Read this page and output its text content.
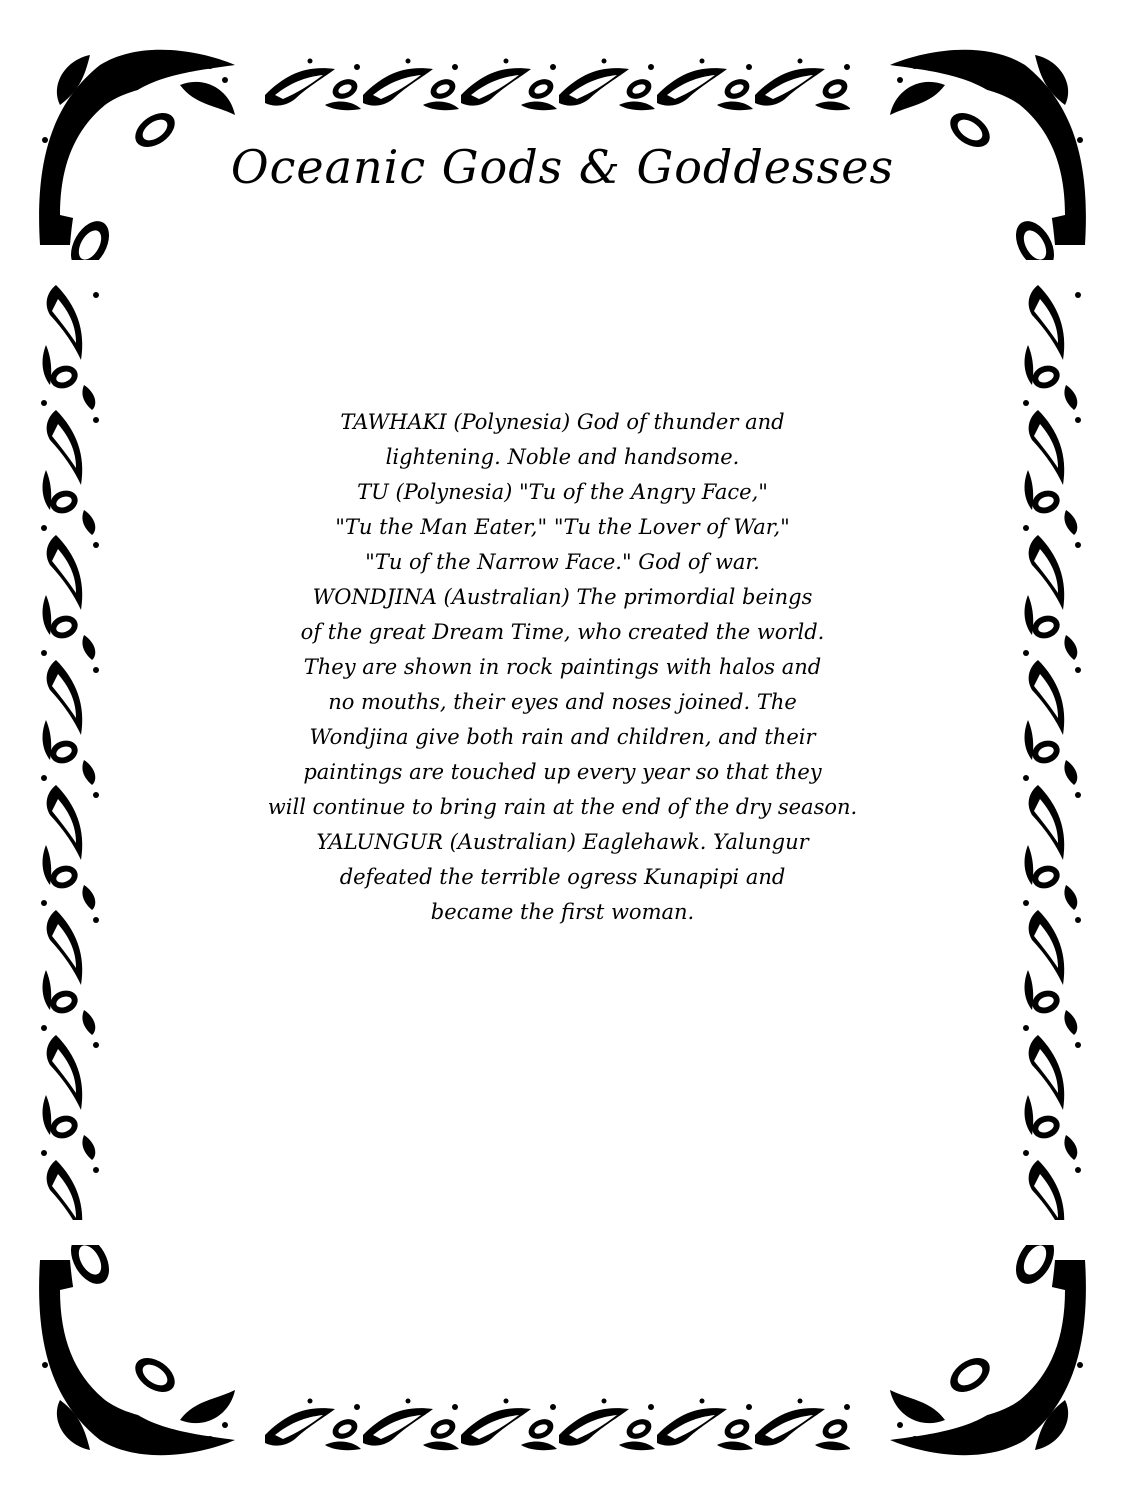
Oceanic Gods & Goddesses
TAWHAKI (Polynesia) God of thunder and
lightening. Noble and handsome.
TU (Polynesia) "Tu of the Angry Face,"
"Tu the Man Eater," "Tu the Lover of War,"
"Tu of the Narrow Face." God of war.
WONDJINA (Australian) The primordial beings
of the great Dream Time, who created the world.
They are shown in rock paintings with halos and
no mouths, their eyes and noses joined. The
Wondjina give both rain and children, and their
paintings are touched up every year so that they
will continue to bring rain at the end of the dry season.
YALUNGUR (Australian) Eaglehawk. Yalungur
defeated the terrible ogress Kunapipi and
became the first woman.
